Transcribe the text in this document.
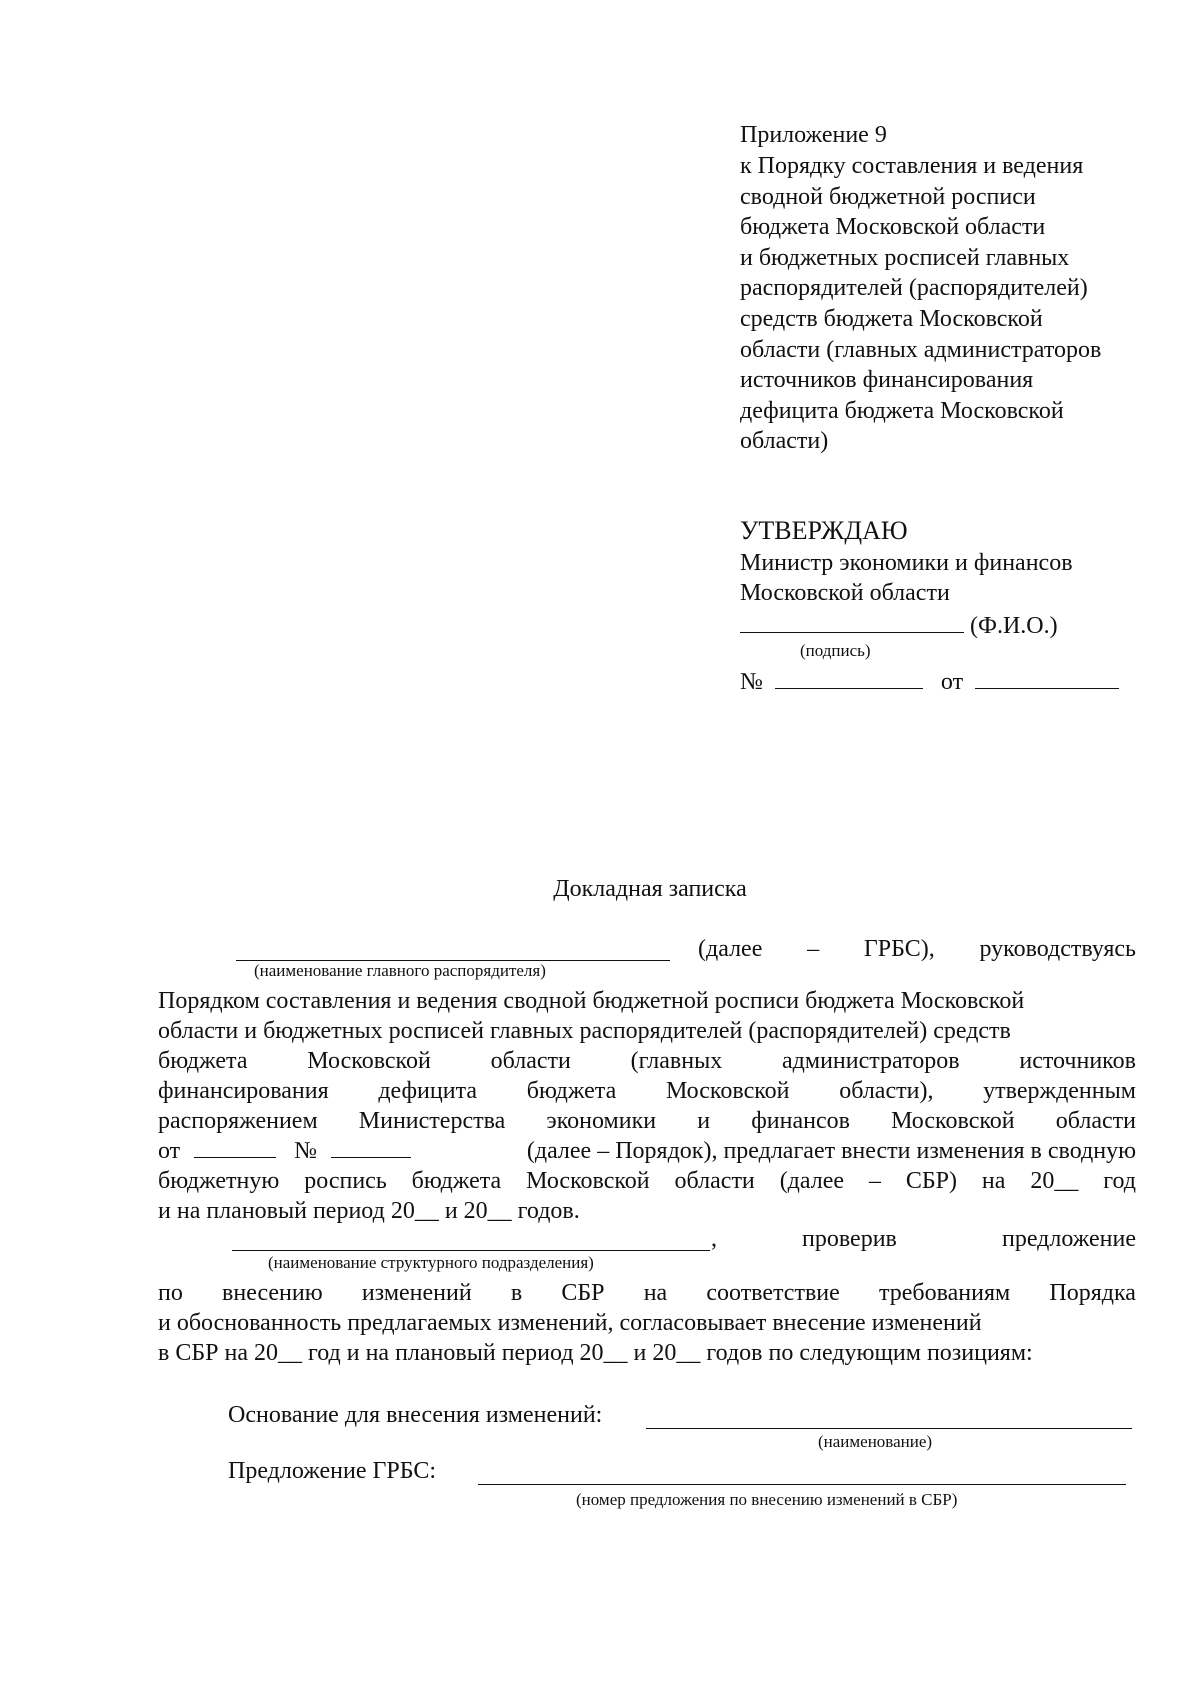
Приложение 9
к Порядку составления и ведения
сводной бюджетной росписи
бюджета Московской области
и бюджетных росписей главных
распорядителей (распорядителей)
средств бюджета Московской
области (главных администраторов
источников финансирования
дефицита бюджета Московской
области)
УТВЕРЖДАЮ
Министр экономики и финансов
Московской области
(Ф.И.О.)
(подпись)
№	от
Докладная записка
(далее – ГРБС), руководствуясь
(наименование главного распорядителя)
Порядком составления и ведения сводной бюджетной росписи бюджета Московской
области и бюджетных росписей главных распорядителей (распорядителей) средств
бюджета Московской области (главных администраторов источников
финансирования дефицита бюджета Московской области), утвержденным
распоряжением Министерства экономики и финансов Московской области
от	№	(далее – Порядок), предлагает внести изменения в сводную
бюджетную роспись бюджета Московской области (далее – СБР) на 20__ год
и на плановый период 20__ и 20__ годов.
,	проверив	предложение
(наименование структурного подразделения)
по внесению изменений в СБР на соответствие требованиям Порядка
и обоснованность предлагаемых изменений, согласовывает внесение изменений
в СБР на 20__ год и на плановый период 20__ и 20__ годов по следующим позициям:
Основание для внесения изменений:
(наименование)
Предложение ГРБС:
(номер предложения по внесению изменений в СБР)
